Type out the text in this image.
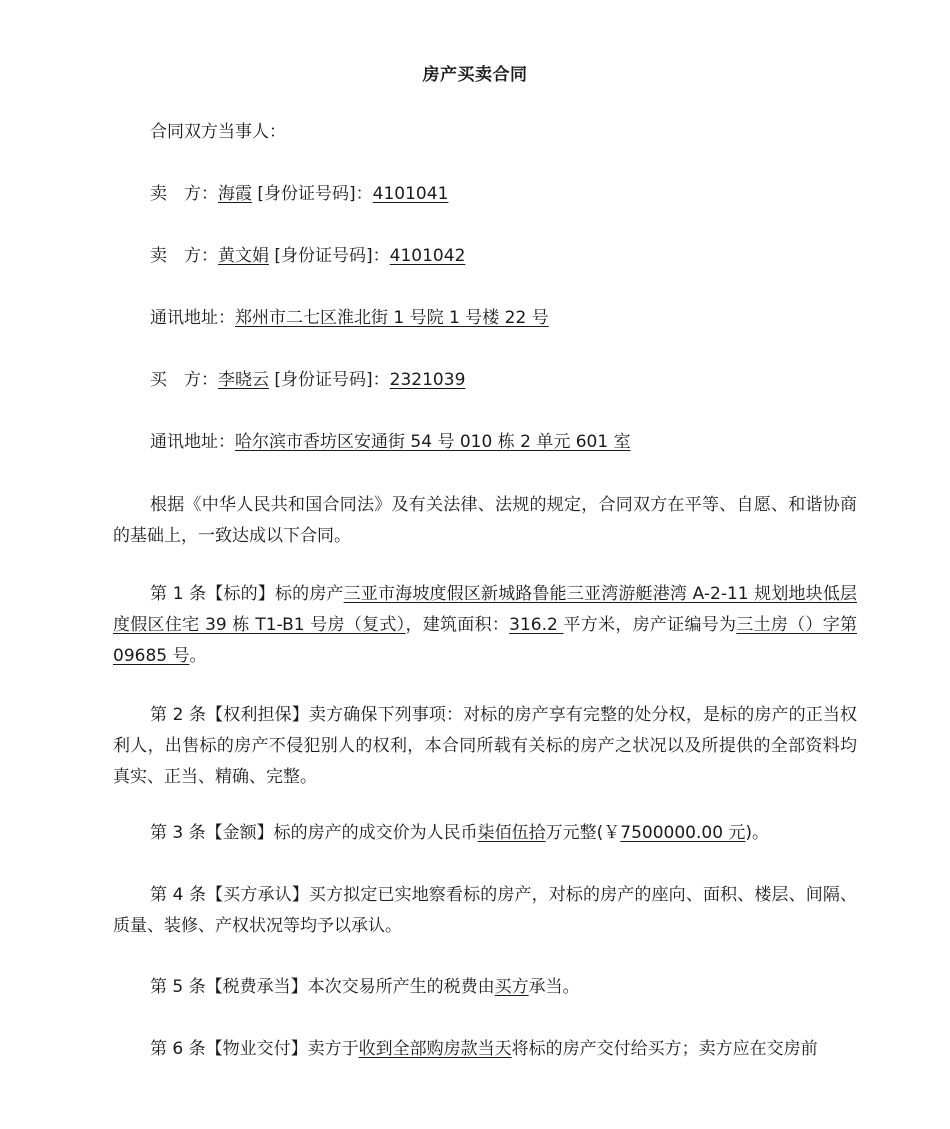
房产买卖合同
合同双方当事人：
卖　方：海霞 [身份证号码]：4101041
卖　方：黄文娟 [身份证号码]：4101042
通讯地址：郑州市二七区淮北街 1 号院 1 号楼 22 号
买　方：李晓云 [身份证号码]：2321039
通讯地址：哈尔滨市香坊区安通街 54 号 010 栋 2 单元 601 室
根据《中华人民共和国合同法》及有关法律、法规的规定，合同双方在平等、自愿、和谐协商的基础上，一致达成以下合同。
第 1 条【标的】标的房产三亚市海坡度假区新城路鲁能三亚湾游艇港湾 A-2-11 规划地块低层度假区住宅 39 栋 T1-B1 号房（复式），建筑面积：316.2 平方米，房产证编号为三土房（）字第 09685 号。
第 2 条【权利担保】卖方确保下列事项：对标的房产享有完整的处分权，是标的房产的正当权利人，出售标的房产不侵犯别人的权利，本合同所载有关标的房产之状况以及所提供的全部资料均真实、正当、精确、完整。
第 3 条【金额】标的房产的成交价为人民币柒佰伍拾万元整(￥7500000.00 元)。
第 4 条【买方承认】买方拟定已实地察看标的房产，对标的房产的座向、面积、楼层、间隔、质量、装修、产权状况等均予以承认。
第 5 条【税费承当】本次交易所产生的税费由买方承当。
第 6 条【物业交付】卖方于收到全部购房款当天将标的房产交付给买方；卖方应在交房前
